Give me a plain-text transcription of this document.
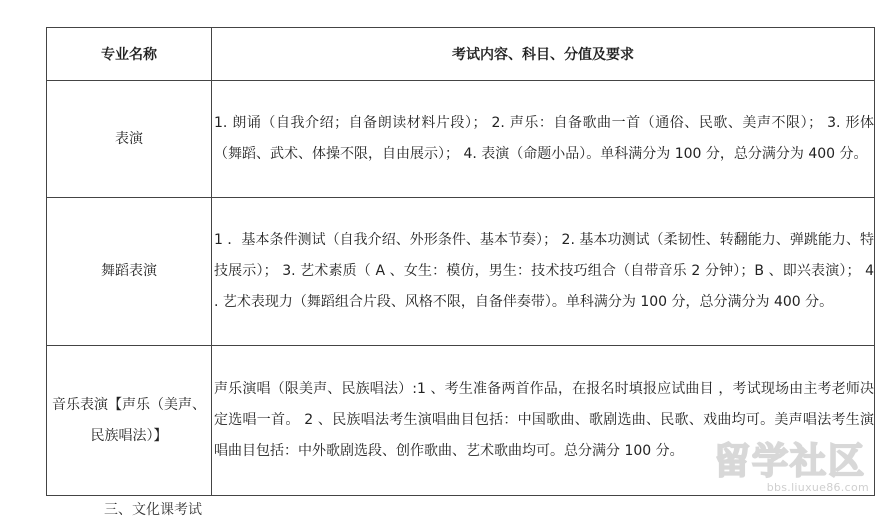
专业名称	考试内容、科目、分值及要求
表演	1. 朗诵（自我介绍；自备朗读材料片段）； 2. 声乐：自备歌曲一首（通俗、民歌、美声不限）； 3. 形体（舞蹈、武术、体操不限，自由展示）； 4. 表演（命题小品）。单科满分为 100 分，总分满分为 400 分。
舞蹈表演	1 ．基本条件测试（自我介绍、外形条件、基本节奏）； 2. 基本功测试（柔韧性、转翻能力、弹跳能力、特技展示）； 3. 艺术素质（ A 、女生：模仿，男生：技术技巧组合（自带音乐 2 分钟）；B 、即兴表演）； 4 . 艺术表现力（舞蹈组合片段、风格不限，自备伴奏带）。单科满分为 100 分，总分满分为 400 分。
音乐表演【声乐（美声、民族唱法）】	声乐演唱（限美声、民族唱法）:1 、考生准备两首作品，在报名时填报应试曲目 ，考试现场由主考老师决定选唱一首。 2 、民族唱法考生演唱曲目包括：中国歌曲、歌剧选曲、民歌、戏曲均可。美声唱法考生演唱曲目包括：中外歌剧选段、创作歌曲、艺术歌曲均可。总分满分 100 分。
三、文化课考试
留学社区
bbs.liuxue86.com
